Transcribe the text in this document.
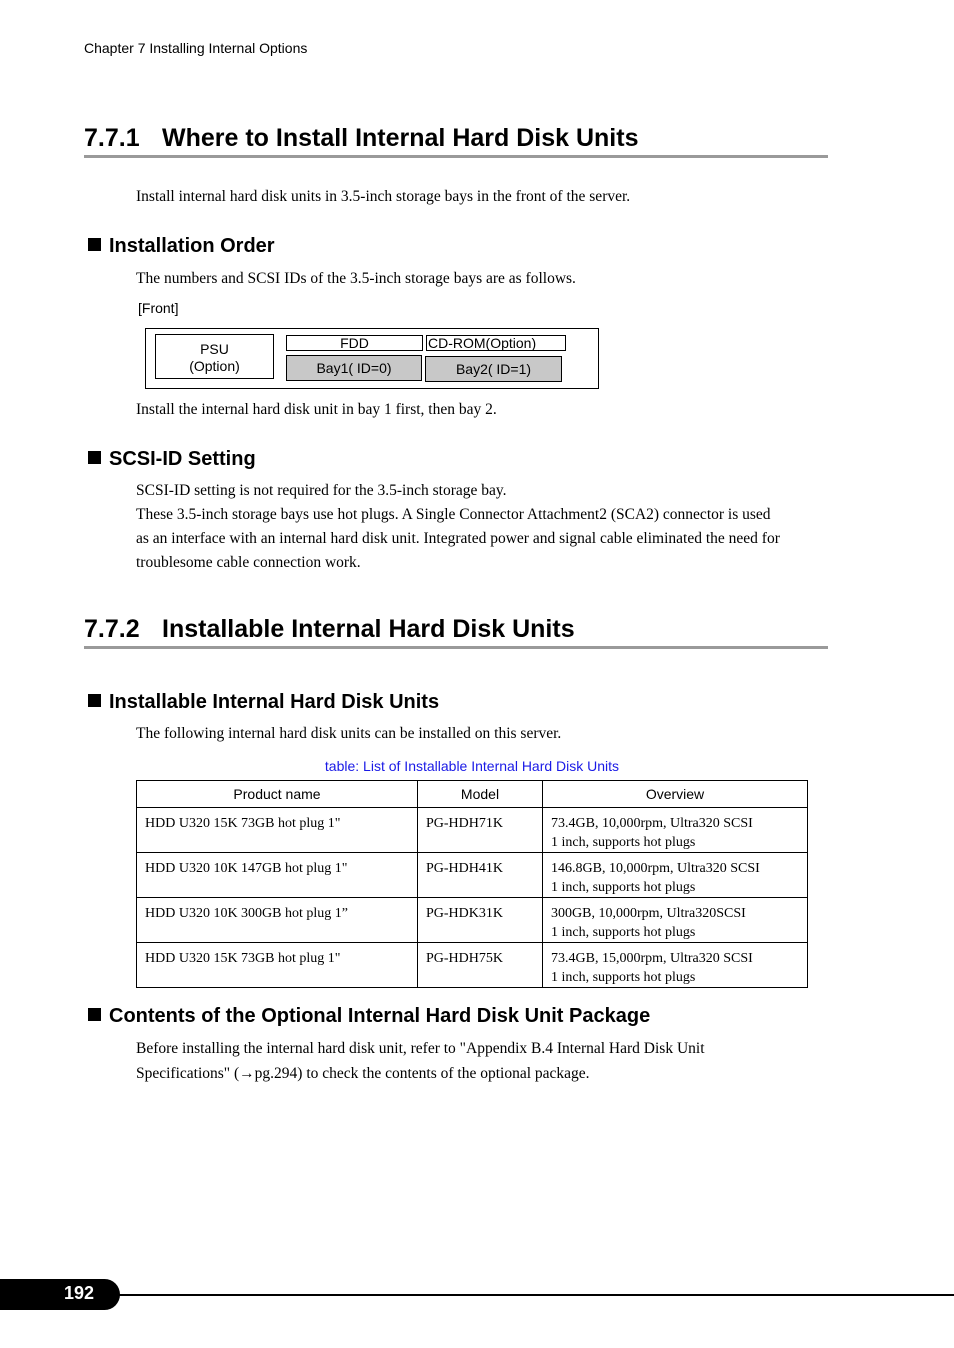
Chapter 7 Installing Internal Options
7.7.1 Where to Install Internal Hard Disk Units
Install internal hard disk units in 3.5-inch storage bays in the front of the server.
Installation Order
The numbers and SCSI IDs of the 3.5-inch storage bays are as follows.
[Front]
PSU
(Option)
FDD	CD-ROM(Option)
Bay1( ID=0)	Bay2( ID=1)
Install the internal hard disk unit in bay 1 first, then bay 2.
SCSI-ID Setting
SCSI-ID setting is not required for the 3.5-inch storage bay.
These 3.5-inch storage bays use hot plugs. A Single Connector Attachment2 (SCA2) connector is used
as an interface with an internal hard disk unit. Integrated power and signal cable eliminated the need for
troublesome cable connection work.
7.7.2 Installable Internal Hard Disk Units
Installable Internal Hard Disk Units
The following internal hard disk units can be installed on this server.
table: List of Installable Internal Hard Disk Units
Product name	Model	Overview
HDD U320 15K 73GB hot plug 1"	PG-HDH71K	73.4GB, 10,000rpm, Ultra320 SCSI
1 inch, supports hot plugs

HDD U320 10K 147GB hot plug 1"	PG-HDH41K	146.8GB, 10,000rpm, Ultra320 SCSI
1 inch, supports hot plugs

HDD U320 10K 300GB hot plug 1”	PG-HDK31K	300GB, 10,000rpm, Ultra320SCSI
1 inch, supports hot plugs

HDD U320 15K 73GB hot plug 1"	PG-HDH75K	73.4GB, 15,000rpm, Ultra320 SCSI
1 inch, supports hot plugs
Contents of the Optional Internal Hard Disk Unit Package
Before installing the internal hard disk unit, refer to "Appendix B.4 Internal Hard Disk Unit
Specifications" (→pg.294) to check the contents of the optional package.
192
